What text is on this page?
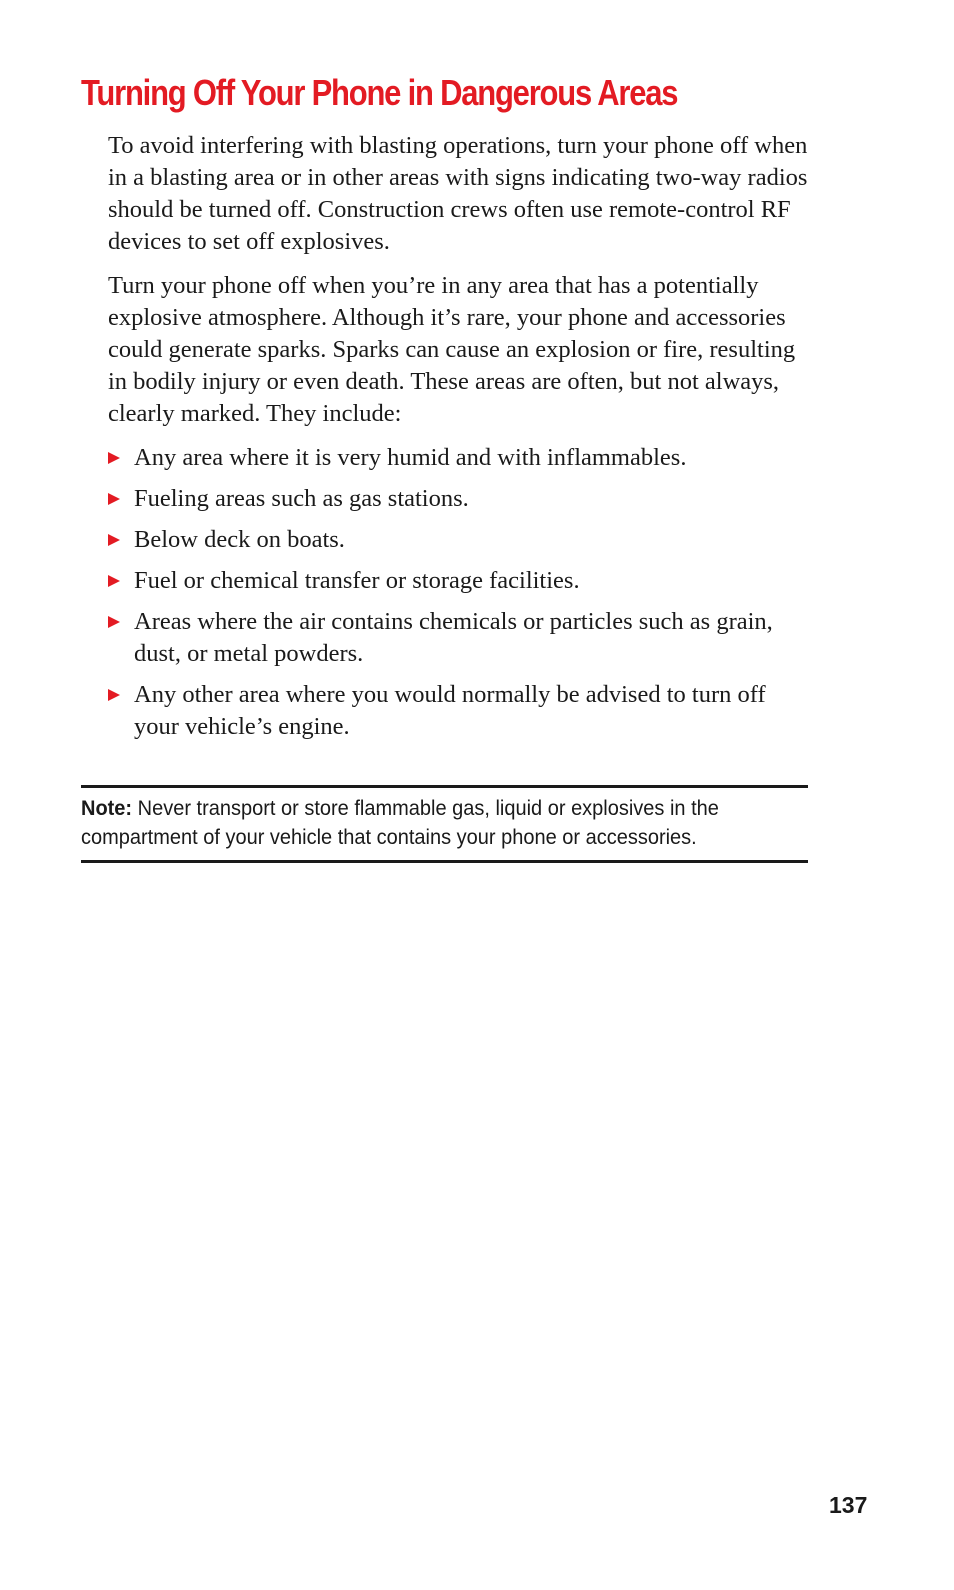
Turning Off Your Phone in Dangerous Areas

To avoid interfering with blasting operations, turn your phone off when in a blasting area or in other areas with signs indicating two-way radios should be turned off. Construction crews often use remote-control RF devices to set off explosives.

Turn your phone off when you’re in any area that has a potentially explosive atmosphere. Although it’s rare, your phone and accessories could generate sparks. Sparks can cause an explosion or fire, resulting in bodily injury or even death. These areas are often, but not always, clearly marked. They include:

Any area where it is very humid and with inflammables.
Fueling areas such as gas stations.
Below deck on boats.
Fuel or chemical transfer or storage facilities.
Areas where the air contains chemicals or particles such as grain, dust, or metal powders.
Any other area where you would normally be advised to turn off your vehicle’s engine.
Note: Never transport or store flammable gas, liquid or explosives in the compartment of your vehicle that contains your phone or accessories.
137
